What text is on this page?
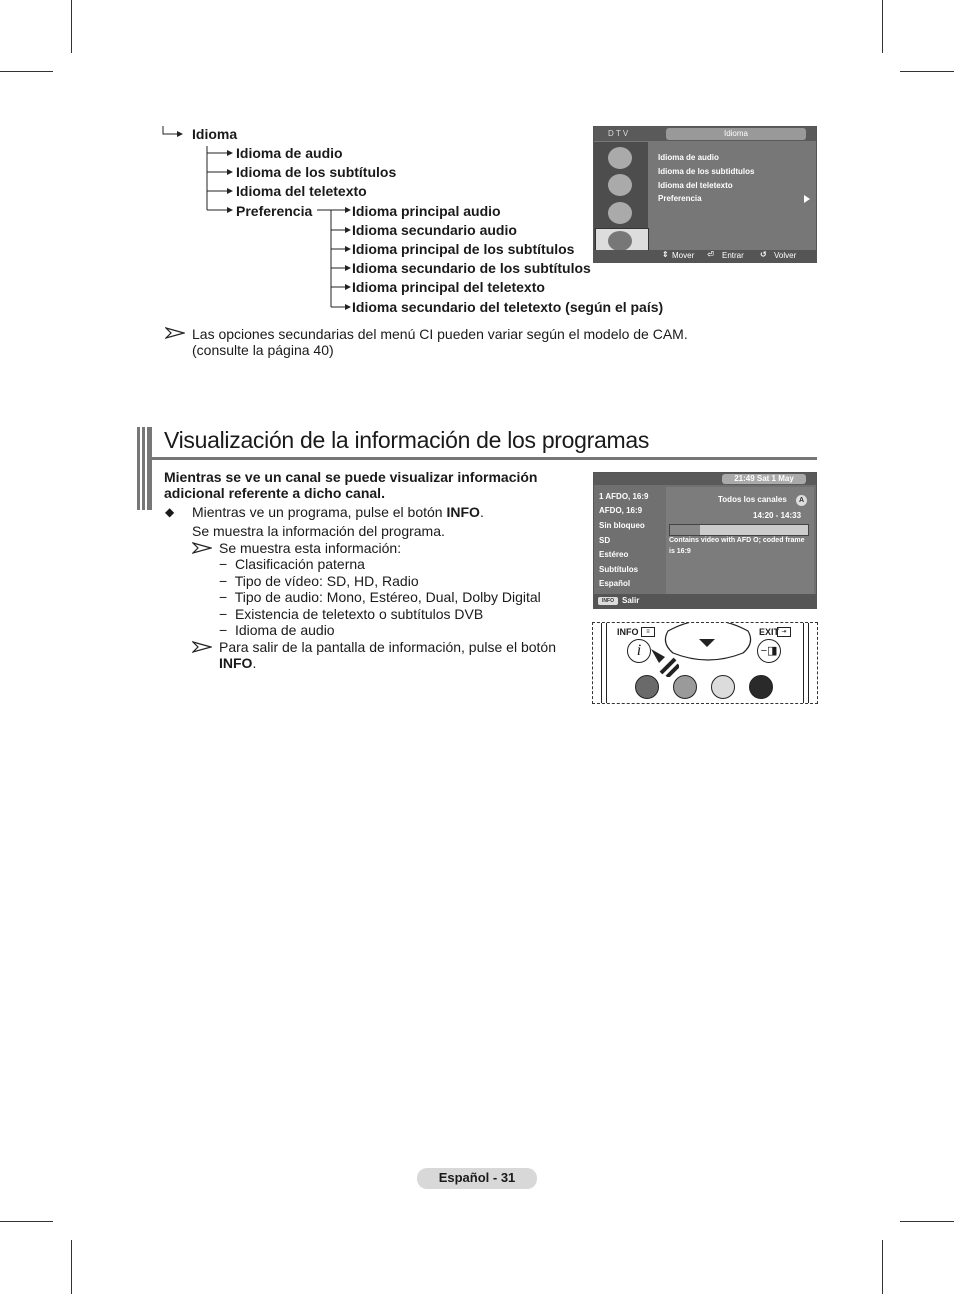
Idioma
Idioma de audio
Idioma de los subtítulos
Idioma del teletexto
Preferencia	Idioma principal audio
Idioma secundario audio
Idioma principal de los subtítulos
Idioma secundario de los subtítulos
Idioma principal del teletexto
Idioma secundario del teletexto (según el país)
Las opciones secundarias del menú CI pueden variar según el modelo de CAM.
(consulte la página 40)
D T V	Idioma
Idioma de audio
Idioma de los subtidtulos
Idioma del teletexto
Preferencia
⇕ Mover ⏎ Entrar ↺ Volver
Visualización de la información de los programas
Mientras se ve un canal se puede visualizar información
adicional referente a dicho canal.
◆ Mientras ve un programa, pulse el botón INFO.
Se muestra la información del programa.
Se muestra esta información:
−  Clasificación paterna
−  Tipo de vídeo: SD, HD, Radio
−  Tipo de audio: Mono, Estéreo, Dual, Dolby Digital
−  Existencia de teletexto o subtítulos DVB
−  Idioma de audio
Para salir de la pantalla de información, pulse el botón
INFO.
21:49 Sat 1 May
1 AFDO, 16:9
AFDO, 16:9
Sin bloqueo
SD
Estéreo
Subtítulos
Español
Todos los canales	A
14:20 - 14:33
Contains video with AFD O; coded frame
is 16:9
INFO	Salir
INFO	≡
i
EXIT ⇥
−◨
Español - 31
